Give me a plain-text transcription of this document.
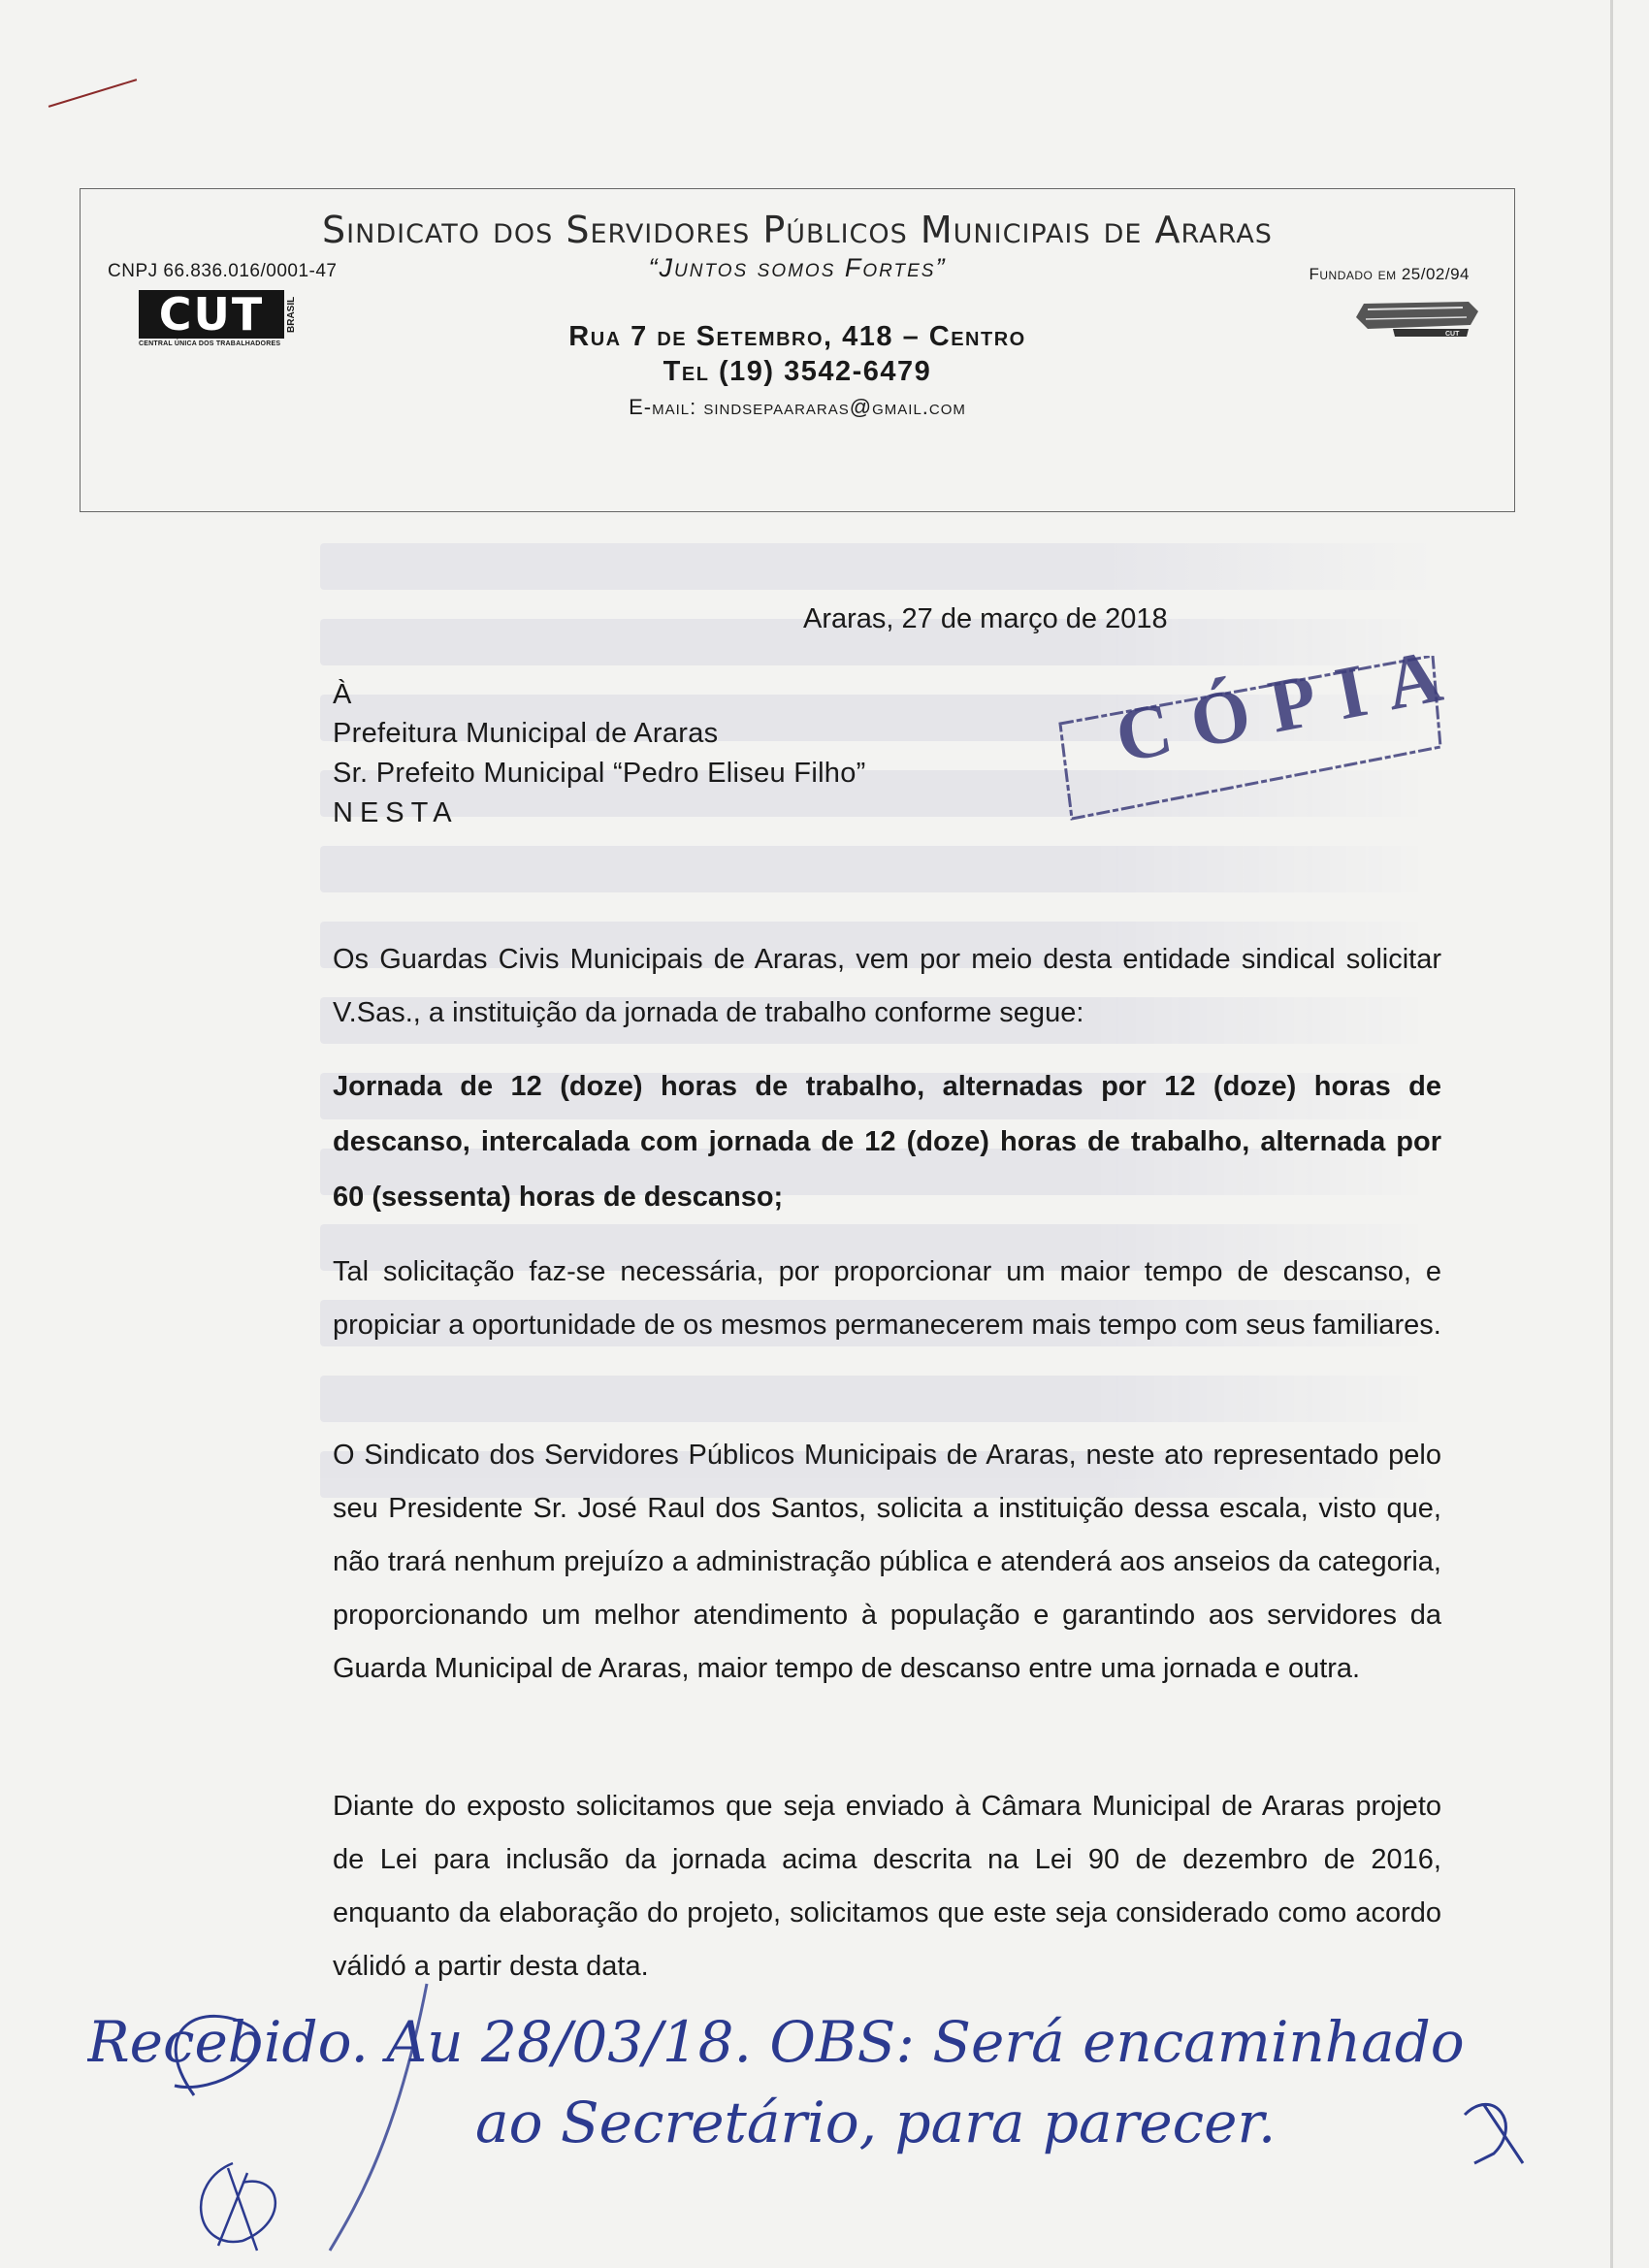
Sindicato dos Servidores Públicos Municipais de Araras
CNPJ 66.836.016/0001-47	“Juntos somos Fortes”	Fundado em 25/02/94
CUT	BRASIL
CENTRAL ÚNICA DOS TRABALHADORES
CUT
Rua 7 de Setembro, 418 – Centro
Tel (19) 3542-6479
E-mail: sindsepaararas@gmail.com
Araras, 27 de março de 2018
À
Prefeitura Municipal de Araras
Sr. Prefeito Municipal “Pedro Eliseu Filho”
NESTA
CÓPIA
Os Guardas Civis Municipais de Araras, vem por meio desta entidade sindical solicitar V.Sas., a instituição da jornada de trabalho conforme segue:
Jornada de 12 (doze) horas de trabalho, alternadas por 12 (doze) horas de descanso, intercalada com jornada de 12 (doze) horas de trabalho, alternada por 60 (sessenta) horas de descanso;
Tal solicitação faz-se necessária, por proporcionar um maior tempo de descanso, e propiciar a oportunidade de os mesmos permanecerem mais tempo com seus familiares.
O Sindicato dos Servidores Públicos Municipais de Araras, neste ato representado pelo seu Presidente Sr. José Raul dos Santos, solicita a instituição dessa escala, visto que, não trará nenhum prejuízo a administração pública e atenderá aos anseios da categoria, proporcionando um melhor atendimento à população e garantindo aos servidores da Guarda Municipal de Araras, maior tempo de descanso entre uma jornada e outra.
Diante do exposto solicitamos que seja enviado à Câmara Municipal de Araras projeto de Lei para inclusão da jornada acima descrita na Lei 90 de dezembro de 2016, enquanto da elaboração do projeto, solicitamos que este seja considerado como acordo válidó a partir desta data.
Recebido. Au 28/03/18. OBS: Será encaminhado
ao Secretário, para parecer.
